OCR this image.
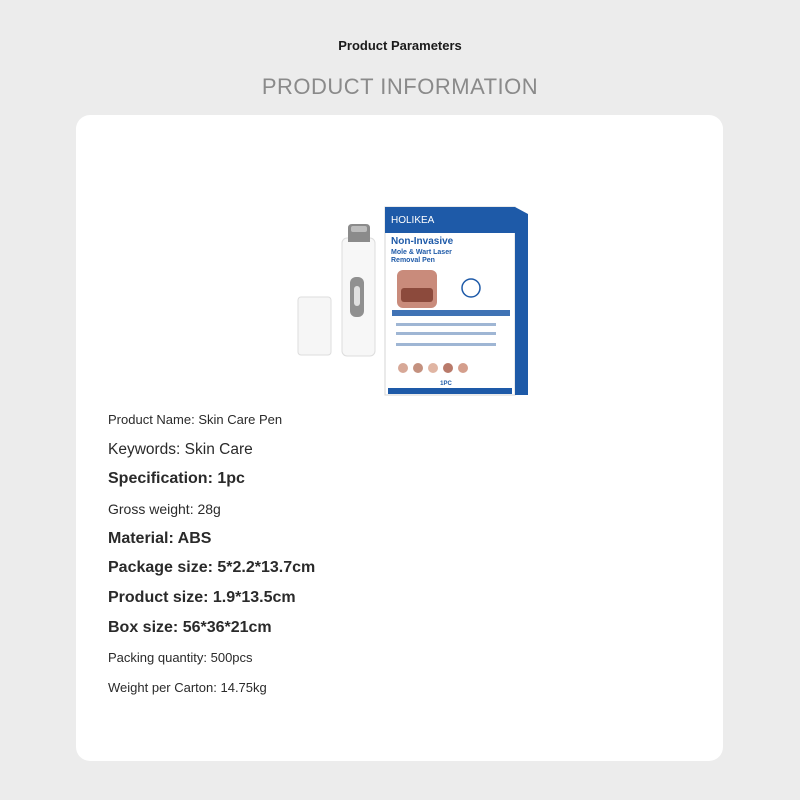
Product Parameters
PRODUCT INFORMATION
HOLIKEA
Non-Invasive
Mole & Wart Laser
Removal Pen
1PC
Product Name: Skin Care Pen
Keywords: Skin Care
Specification: 1pc
Gross weight: 28g
Material: ABS
Package size: 5*2.2*13.7cm
Product size: 1.9*13.5cm
Box size: 56*36*21cm
Packing quantity: 500pcs
Weight per Carton: 14.75kg
